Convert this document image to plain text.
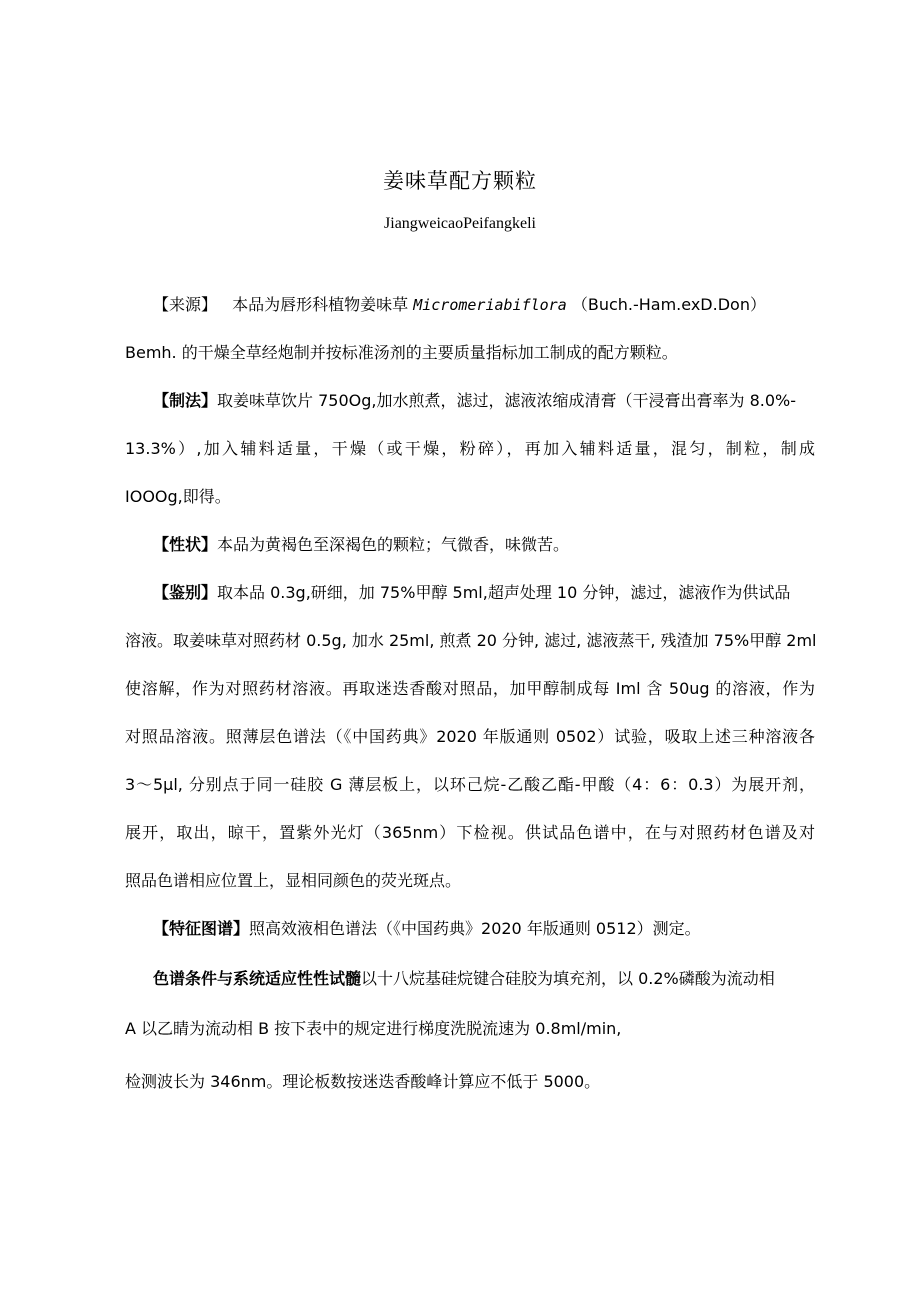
姜味草配方颗粒
JiangweicaoPeifangkeli
【来源】 本品为唇形科植物姜味草 Micromeriabiflora （Buch.-Ham.exD.Don）
Bemh. 的干燥全草经炮制并按标准汤剂的主要质量指标加工制成的配方颗粒。
【制法】取姜味草饮片 750Og,加水煎煮，滤过，滤液浓缩成清膏（干浸膏出膏率为 8.0%-
13.3%）,加入辅料适量，干燥（或干燥，粉碎），再加入辅料适量，混匀，制粒，制成
IOOOg,即得。
【性状】本品为黄褐色至深褐色的颗粒；气微香，味微苦。
【鉴别】取本品 0.3g,研细，加 75%甲醇 5ml,超声处理 10 分钟，滤过，滤液作为供试品
溶液。取姜味草对照药材 0.5g, 加水 25ml, 煎煮 20 分钟, 滤过, 滤液蒸干, 残渣加 75%甲醇 2ml
使溶解，作为对照药材溶液。再取迷迭香酸对照品，加甲醇制成每 Iml 含 50ug 的溶液，作为
对照品溶液。照薄层色谱法（《中国药典》2020 年版通则 0502）试验，吸取上述三种溶液各
3～5μl, 分别点于同一硅胶 G 薄层板上，以环己烷-乙酸乙酯-甲酸（4：6：0.3）为展开剂，
展开，取出，晾干，置紫外光灯（365nm）下检视。供试品色谱中，在与对照药材色谱及对
照品色谱相应位置上，显相同颜色的荧光斑点。
【特征图谱】照高效液相色谱法（《中国药典》2020 年版通则 0512）测定。
色谱条件与系统适应性性试髓以十八烷基硅烷键合硅胶为填充剂，以 0.2%磷酸为流动相
A 以乙睛为流动相 B 按下表中的规定进行梯度洗脱流速为 0.8ml∕min,
检测波长为 346nm。理论板数按迷迭香酸峰计算应不低于 5000。
